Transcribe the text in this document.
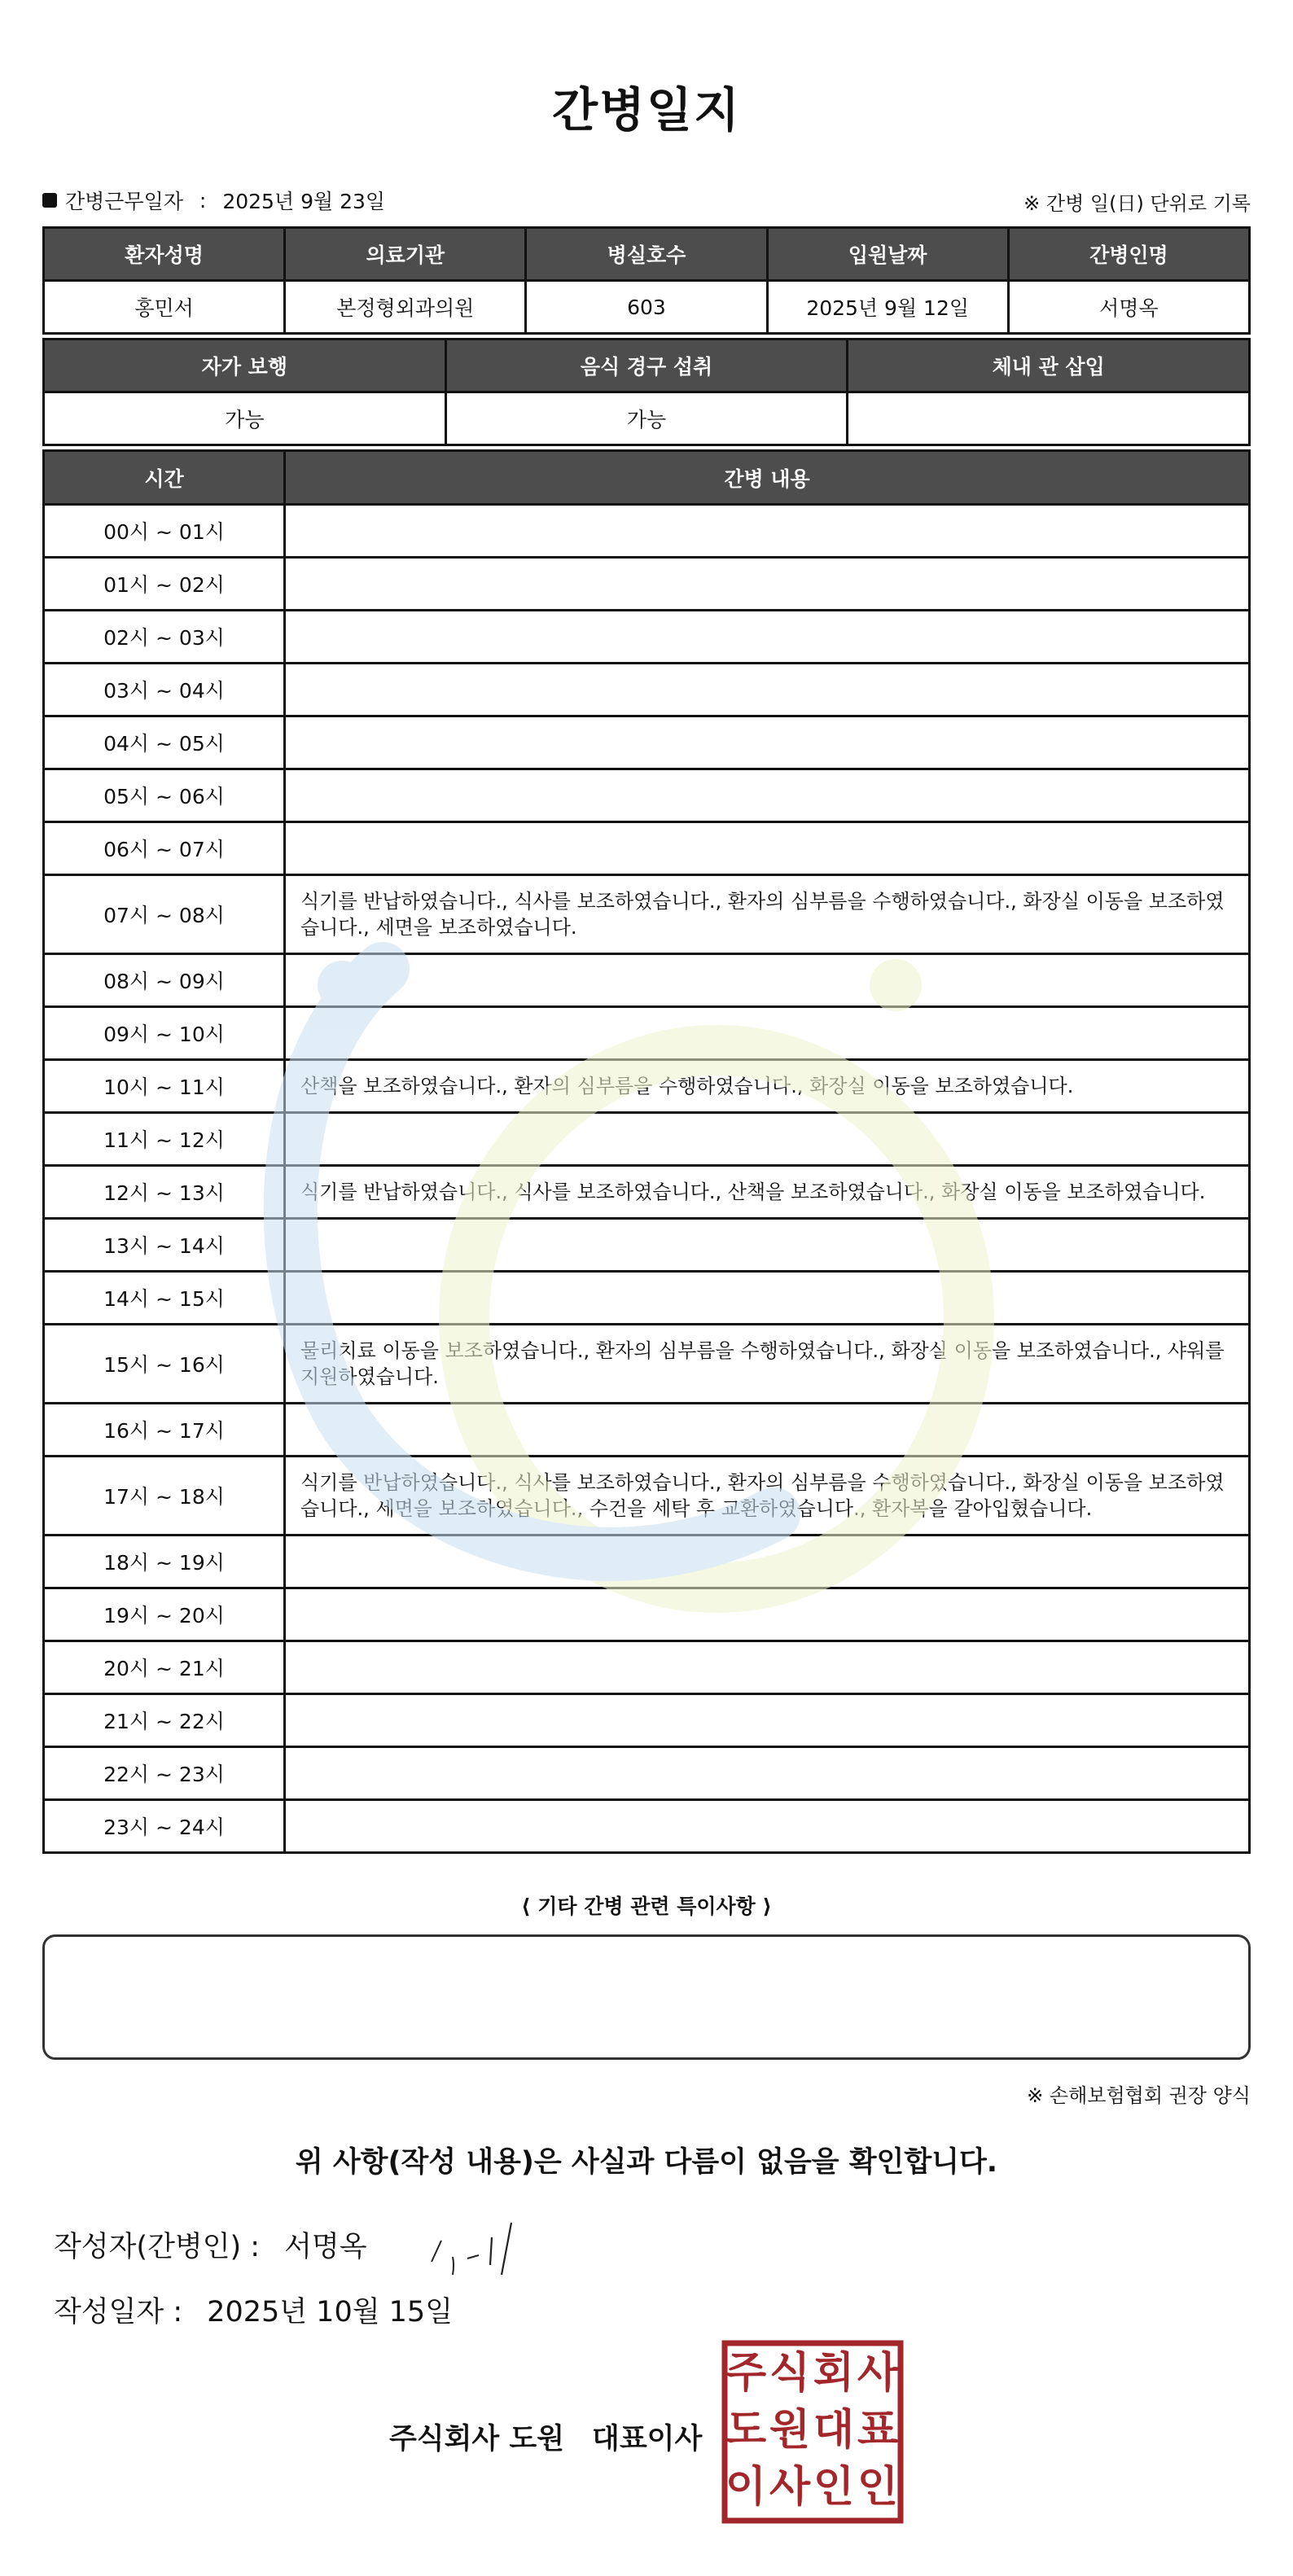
간병일지
간병근무일자 : 2025년 9월 23일	※ 간병 일(日) 단위로 기록
환자성명	의료기관	병실호수	입원날짜	간병인명
홍민서	본정형외과의원	603	2025년 9월 12일	서명옥
자가 보행	음식 경구 섭취	체내 관 삽입
가능	가능	
시간	간병 내용
00시 ~ 01시	
01시 ~ 02시	
02시 ~ 03시	
03시 ~ 04시	
04시 ~ 05시	
05시 ~ 06시	
06시 ~ 07시	
07시 ~ 08시	식기를 반납하였습니다., 식사를 보조하였습니다., 환자의 심부름을 수행하였습니다., 화장실 이동을 보조하였습니다., 세면을 보조하였습니다.
08시 ~ 09시	
09시 ~ 10시	
10시 ~ 11시	산책을 보조하였습니다., 환자의 심부름을 수행하였습니다., 화장실 이동을 보조하였습니다.
11시 ~ 12시	
12시 ~ 13시	식기를 반납하였습니다., 식사를 보조하였습니다., 산책을 보조하였습니다., 화장실 이동을 보조하였습니다.
13시 ~ 14시	
14시 ~ 15시	
15시 ~ 16시	물리치료 이동을 보조하였습니다., 환자의 심부름을 수행하였습니다., 화장실 이동을 보조하였습니다., 샤워를 지원하였습니다.
16시 ~ 17시	
17시 ~ 18시	식기를 반납하였습니다., 식사를 보조하였습니다., 환자의 심부름을 수행하였습니다., 화장실 이동을 보조하였습니다., 세면을 보조하였습니다., 수건을 세탁 후 교환하였습니다., 환자복을 갈아입혔습니다.
18시 ~ 19시	
19시 ~ 20시	
20시 ~ 21시	
21시 ~ 22시	
22시 ~ 23시	
23시 ~ 24시	
⟨ 기타 간병 관련 특이사항 ⟩
※ 손해보험협회 권장 양식
위 사항(작성 내용)은 사실과 다름이 없음을 확인합니다.
작성자(간병인) : 서명옥
작성일자 : 2025년 10월 15일
주식회사 도원 대표이사
주 식 회 사
도 원 대 표
이 사 인 인
